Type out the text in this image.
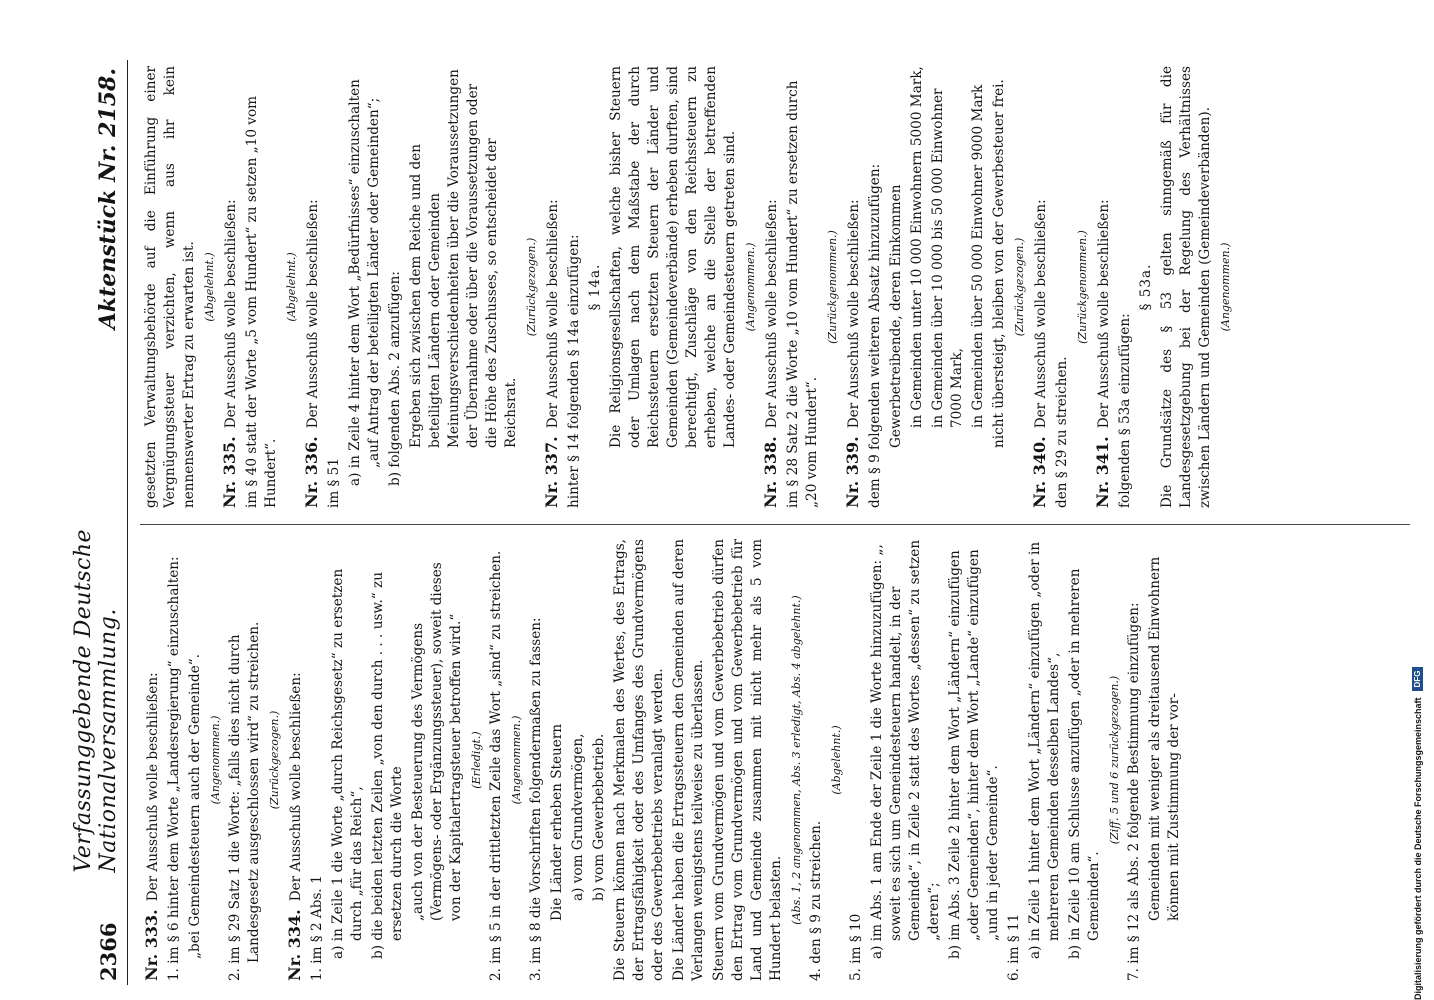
2366
Verfassunggebende Deutsche Nationalversammlung.
Aktenstück Nr. 2158.
Nr. 333.Der Ausschuß wolle beschließen: 1. im § 6 hinter dem Worte „Landesregierung“ einzuschalten: „bei Gemeindesteuern auch der Gemeinde“. (Angenommen.) 2. im § 29 Satz 1 die Worte: „falls dies nicht durch Landesgesetz ausgeschlossen wird“ zu streichen. (Zurückgezogen.)
Nr. 334.Der Ausschuß wolle beschließen:
1. im § 2 Abs. 1 a) in Zeile 1 die Worte „durch Reichsgesetz“ zu ersetzen durch „für das Reich“, b) die beiden letzten Zeilen „von den durch . . . usw.“ zu ersetzen durch die Worte „auch von der Besteuerung des Vermögens (Vermögens- oder Ergänzungssteuer), soweit dieses von der Kapitalertragsteuer betroffen wird.“ (Erledigt.) 2. im § 5 in der drittletzten Zeile das Wort „sind“ zu streichen. (Angenommen.) 3. im § 8 die Vorschriften folgendermaßen zu fassen: Die Länder erheben Steuern a) vom Grundvermögen, b) vom Gewerbebetrieb. Die Steuern können nach Merkmalen des Wertes, des Ertrags, der Ertragsfähigkeit oder des Umfanges des Grundvermögens oder des Gewerbebetriebs veranlagt werden. Die Länder haben die Ertragssteuern den Gemeinden auf deren Verlangen wenigstens teilweise zu überlassen. Steuern vom Grundvermögen und vom Gewerbebetrieb dürfen den Ertrag vom Grundvermögen und vom Gewerbebetrieb für Land und Gemeinde zusammen mit nicht mehr als 5 vom Hundert belasten. (Abs. 1, 2 angenommen, Abs. 3 erledigt, Abs. 4 abgelehnt.) 4. den § 9 zu streichen.
(Abgelehnt.)
5. im § 10 a) im Abs. 1 am Ende der Zeile 1 die Worte hinzuzufügen: „, soweit es sich um Gemeindesteuern handelt, in der Gemeinde“, in Zeile 2 statt des Wortes „dessen“ zu setzen „deren“; b) im Abs. 3 Zeile 2 hinter dem Wort „Ländern“ einzufügen „oder Gemeinden“, hinter dem Wort „Lande“ einzufügen „und in jeder Gemeinde“.
6. im § 11 a) in Zeile 1 hinter dem Wort „Ländern“ einzufügen „oder in mehreren Gemeinden desselben Landes“, b) in Zeile 10 am Schlusse anzufügen „oder in mehreren Gemeinden“.
(Ziff. 5 und 6 zurückgezogen.) 7. im § 12 als Abs. 2 folgende Bestimmung einzufügen: Gemeinden mit weniger als dreitausend Einwohnern können mit Zustimmung der vor-
gesetzten Verwaltungsbehörde auf die Einführung einer Vergnügungssteuer verzichten, wenn aus ihr kein nennenswerter Ertrag zu erwarten ist. (Abgelehnt.)
Nr. 335.Der Ausschuß wolle beschließen: im § 40 statt der Worte „5 vom Hundert“ zu setzen „10 vom Hundert“.
(Abgelehnt.)
Nr. 336.Der Ausschuß wolle beschließen:
im § 51 a) in Zeile 4 hinter dem Wort „Bedürfnisses“ einzuschalten „auf Antrag der beteiligten Länder oder Gemeinden“; b) folgenden Abs. 2 anzufügen: Ergeben sich zwischen dem Reiche und den beteiligten Ländern oder Gemeinden Meinungsverschiedenheiten über die Voraussetzungen der Übernahme oder über die Voraussetzungen oder die Höhe des Zuschusses, so entscheidet der Reichsrat.
(Zurückgezogen.)
Nr. 337.Der Ausschuß wolle beschließen: hinter § 14 folgenden § 14a einzufügen: § 14a. Die Religionsgesellschaften, welche bisher Steuern oder Umlagen nach dem Maßstabe der durch Reichssteuern ersetzten Steuern der Länder und Gemeinden (Gemeindeverbände) erheben durften, sind berechtigt, Zuschläge von den Reichssteuern zu erheben, welche an die Stelle der betreffenden Landes- oder Gemeindesteuern getreten sind. (Angenommen.)
Nr. 338.Der Ausschuß wolle beschließen: im § 28 Satz 2 die Worte „10 vom Hundert“ zu ersetzen durch „20 vom Hundert“.
(Zurückgenommen.)
Nr. 339.Der Ausschuß wolle beschließen: dem § 9 folgenden weiteren Absatz hinzuzufügen: Gewerbetreibende, deren Einkommen in Gemeinden unter 10 000 Einwohnern 5000 Mark, in Gemeinden über 10 000 bis 50 000 Einwohner 7000 Mark, in Gemeinden über 50 000 Einwohner 9000 Mark nicht übersteigt, bleiben von der Gewerbesteuer frei. (Zurückgezogen.)
Nr. 340.Der Ausschuß wolle beschließen:
den § 29 zu streichen.
(Zurückgenommen.)
Nr. 341.Der Ausschuß wolle beschließen: folgenden § 53a einzufügen:
§ 53a. Die Grundsätze des § 53 gelten sinngemäß für die Landesgesetzgebung bei der Regelung des Verhältnisses zwischen Ländern und Gemeinden (Gemeindeverbänden). (Angenommen.)
Digitalisierung gefördert durch die Deutsche Forschungsgemeinschaft
DFG
